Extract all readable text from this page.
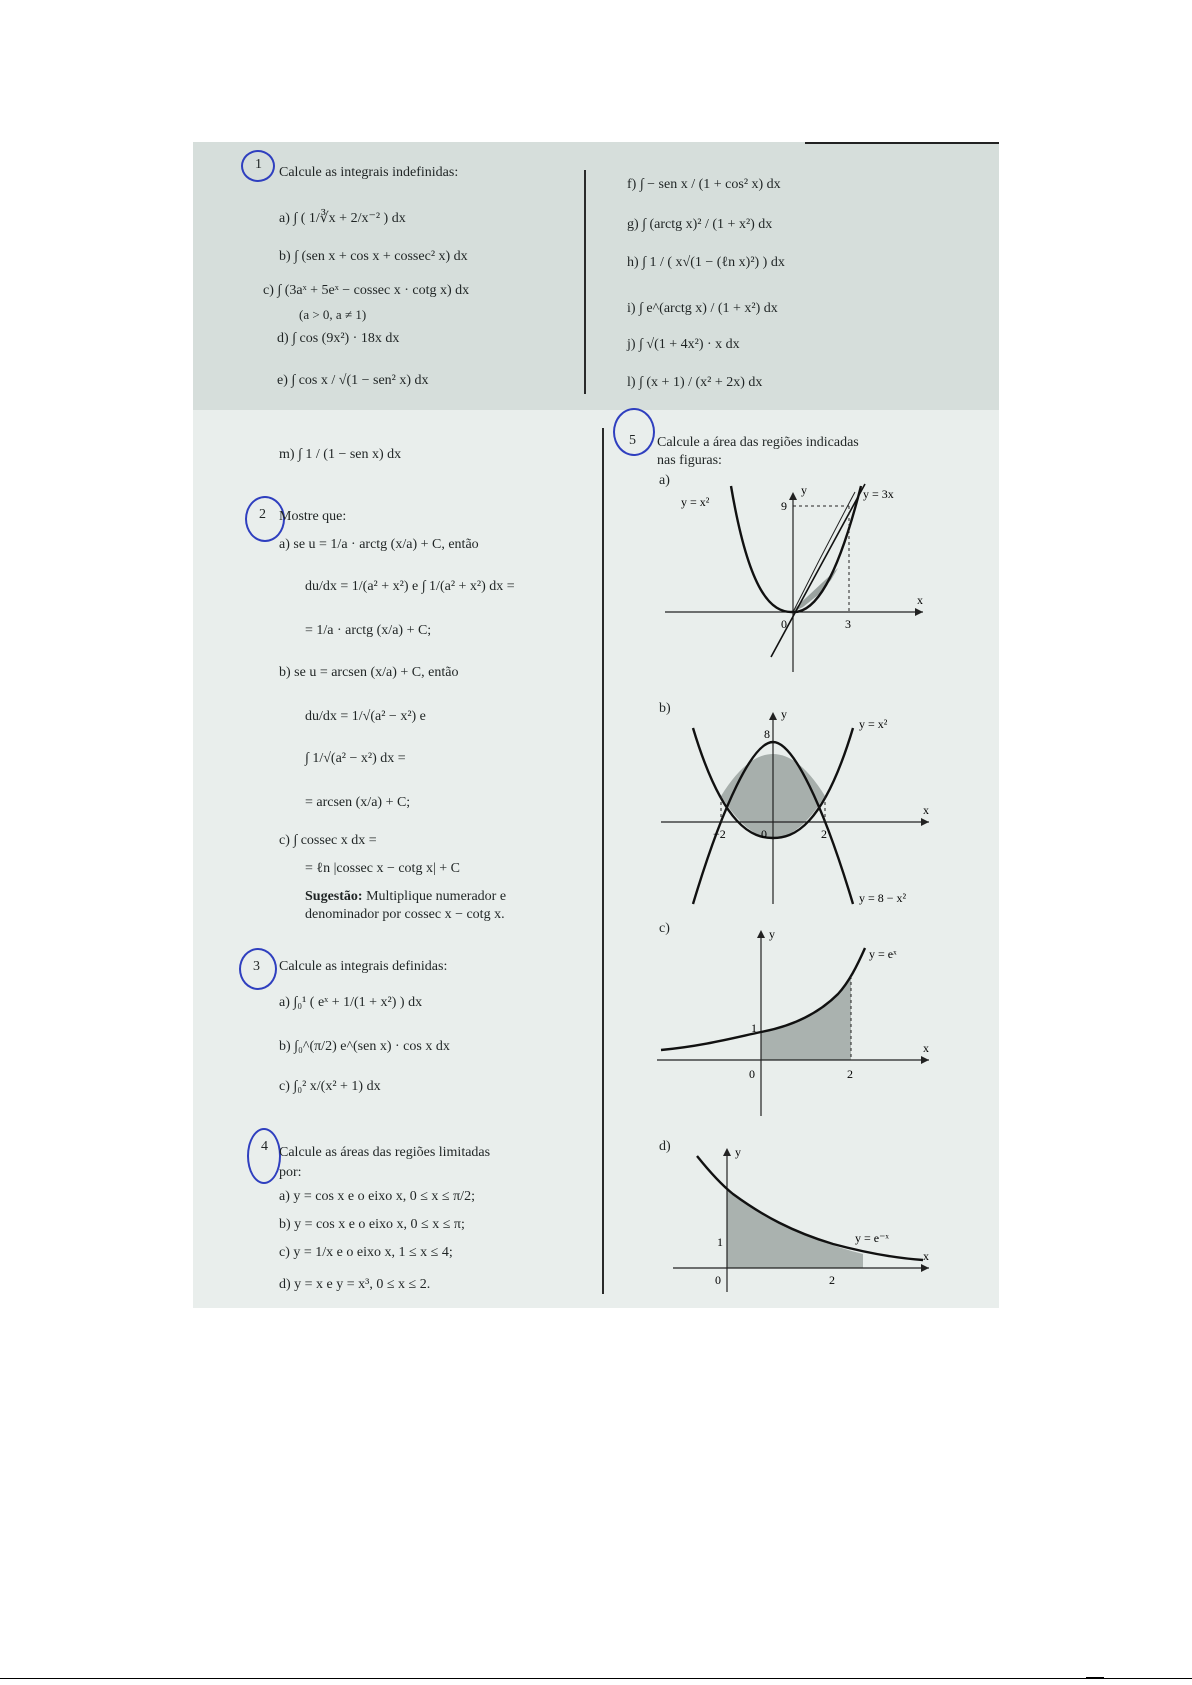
1
Calcule as integrais indefinidas:
a) ∫ ( 1/∛x + 2/x⁻² ) dx
b) ∫ (sen x + cos x + cossec² x) dx
c) ∫ (3aˣ + 5eˣ − cossec x · cotg x) dx
(a > 0, a ≠ 1)
d) ∫ cos (9x²) · 18x dx
e) ∫ cos x / √(1 − sen² x) dx
f) ∫ − sen x / (1 + cos² x) dx
g) ∫ (arctg x)² / (1 + x²) dx
h) ∫ 1 / ( x√(1 − (ℓn x)²) ) dx
i) ∫ e^(arctg x) / (1 + x²) dx
j) ∫ √(1 + 4x²) · x dx
l) ∫ (x + 1) / (x² + 2x) dx
m) ∫ 1 / (1 − sen x) dx
2 Mostre que:
a) se u = 1/a · arctg (x/a) + C, então
du/dx = 1/(a² + x²) e ∫ 1/(a² + x²) dx =
= 1/a · arctg (x/a) + C;
b) se u = arcsen (x/a) + C, então
du/dx = 1/√(a² − x²) e
∫ 1/√(a² − x²) dx =
= arcsen (x/a) + C;
c) ∫ cossec x dx =
= ℓn |cossec x − cotg x| + C
Sugestão: Multiplique numerador e
denominador por cossec x − cotg x.
3 Calcule as integrais definidas:
a) ∫₀¹ ( eˣ + 1/(1 + x²) ) dx
b) ∫₀^(π/2) e^(sen x) · cos x dx
c) ∫₀² x/(x² + 1) dx
4 Calcule as áreas das regiões limitadas
por:
a) y = cos x e o eixo x, 0 ≤ x ≤ π/2;
b) y = cos x e o eixo x, 0 ≤ x ≤ π;
c) y = 1/x e o eixo x, 1 ≤ x ≤ 4;
d) y = x e y = x³, 0 ≤ x ≤ 2.
5 Calcule a área das regiões indicadas
nas figuras:
a)
y = x²
y = 3x
9
3
0
x
y
b)
y = x²
y = 8 − x²
8
−2	0	2
x
y
c)
y = eˣ
1
0	2
x
y
d)
y = e⁻ˣ
1
0	2
x
y
